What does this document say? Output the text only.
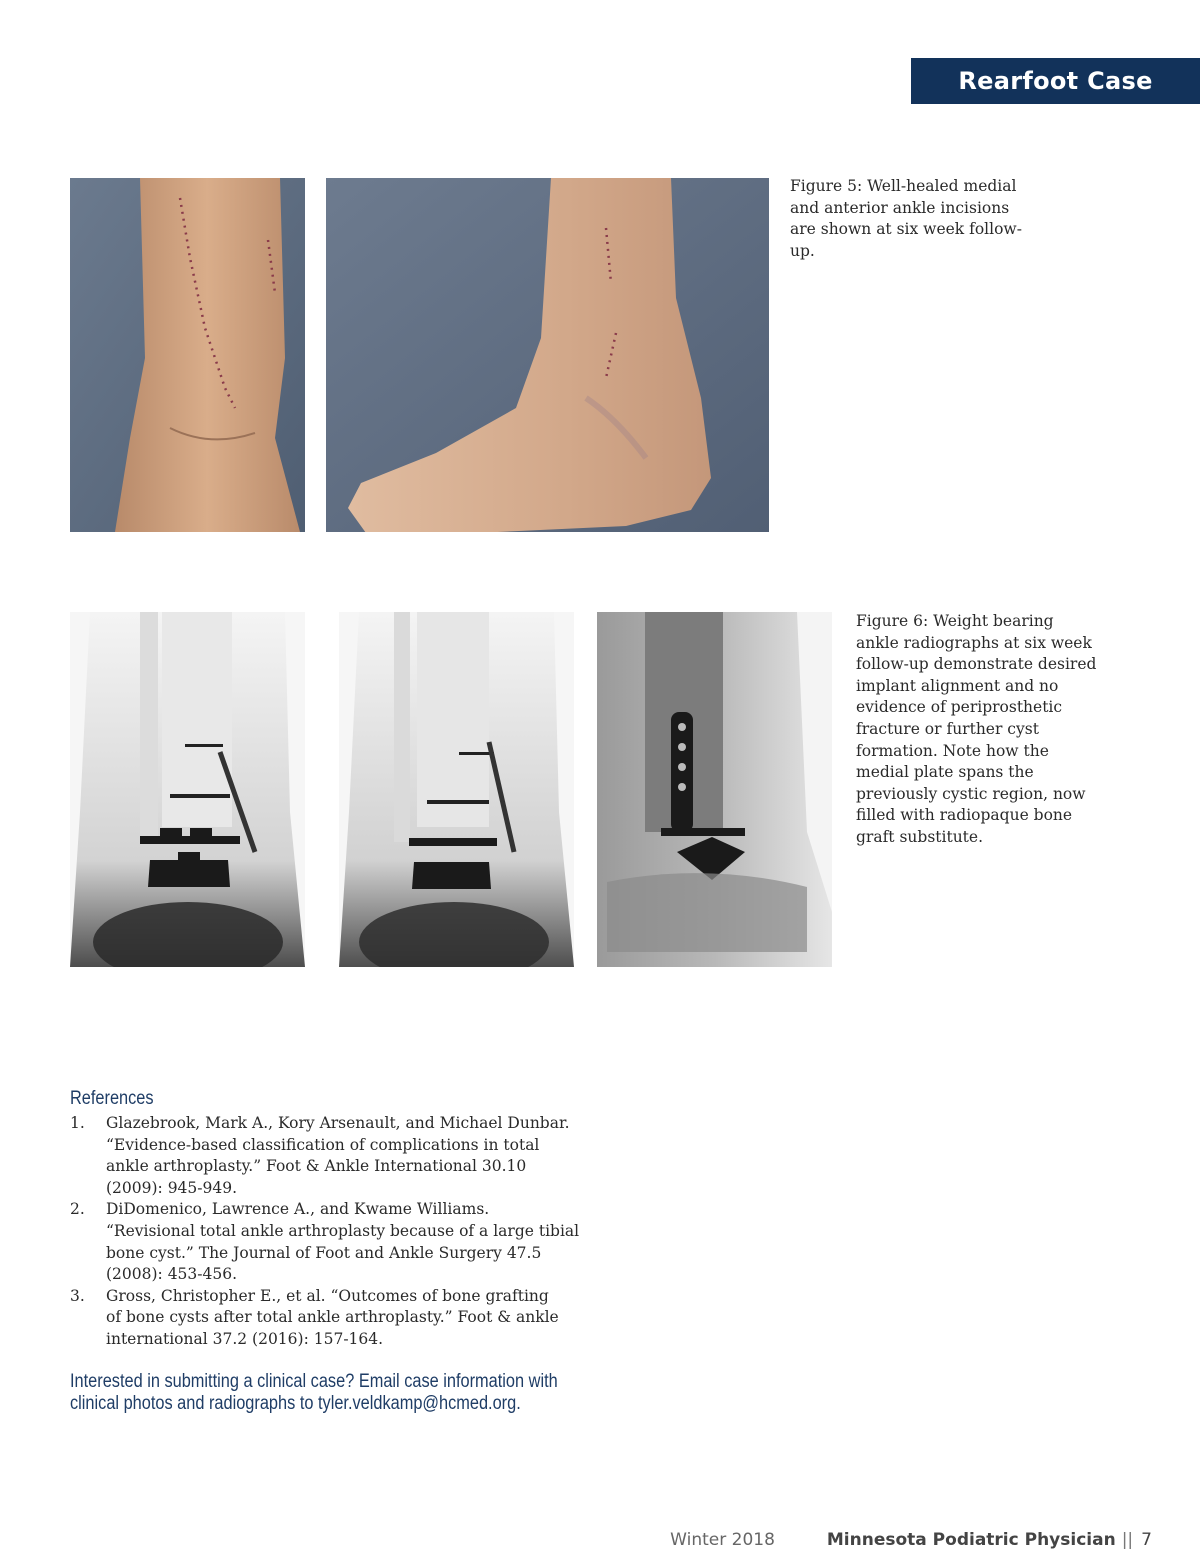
Rearfoot Case
Figure 5: Well-healed medial
and anterior ankle incisions
are shown at six week follow-
up.
Figure 6: Weight bearing
ankle radiographs at six week
follow-up demonstrate desired
implant alignment and no
evidence of periprosthetic
fracture or further cyst
formation. Note how the
medial plate spans the
previously cystic region, now
filled with radiopaque bone
graft substitute.
References
1. Glazebrook, Mark A., Kory Arsenault, and Michael Dunbar.
“Evidence-based classification of complications in total
ankle arthroplasty.” Foot & Ankle International 30.10
(2009): 945-949.
2. DiDomenico, Lawrence A., and Kwame Williams.
“Revisional total ankle arthroplasty because of a large tibial
bone cyst.” The Journal of Foot and Ankle Surgery 47.5
(2008): 453-456.
3. Gross, Christopher E., et al. “Outcomes of bone grafting
of bone cysts after total ankle arthroplasty.” Foot & ankle
international 37.2 (2016): 157-164.
Interested in submitting a clinical case? Email case information with
clinical photos and radiographs to tyler.veldkamp@hcmed.org.
Winter 2018	Minnesota Podiatric Physician || 7
